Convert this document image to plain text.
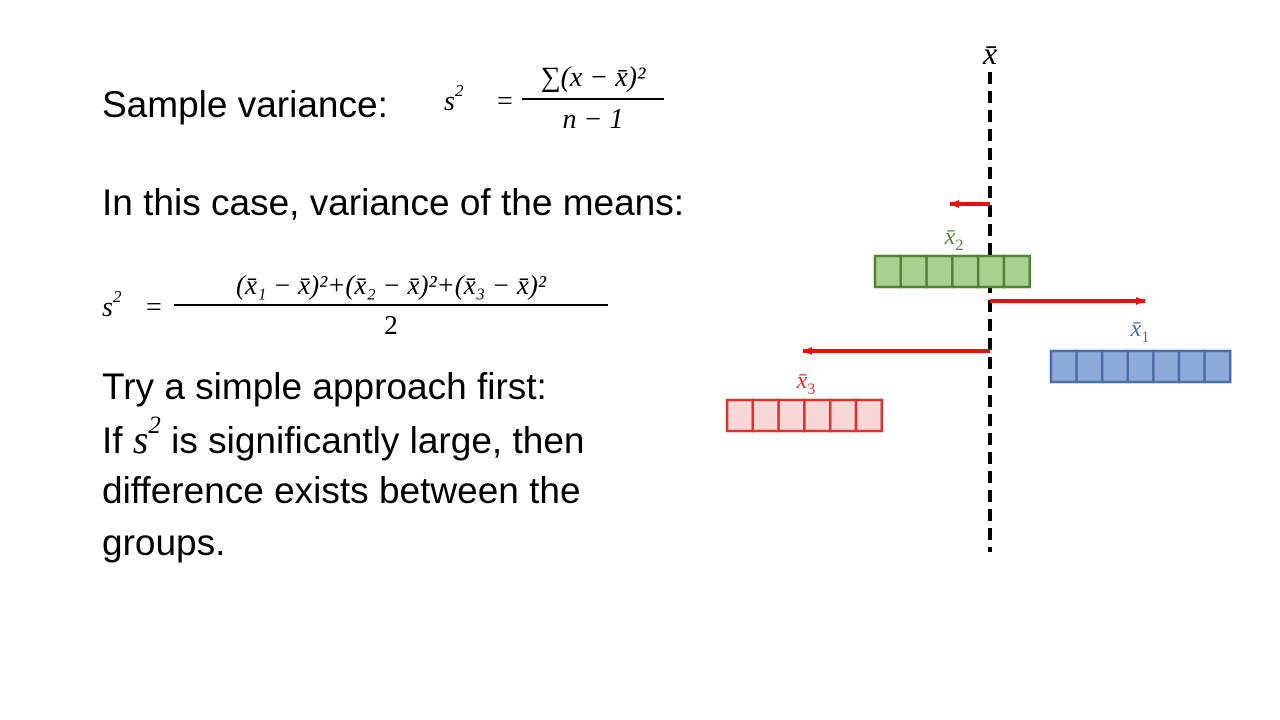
Sample variance: $s^2$ =
∑(x − x̄)²
n − 1
In this case, variance of the means:
$s^2$ =
(x̄₁ − x̄)²+(x̄₂ − x̄)²+(x̄₃ − x̄)²
2
Try a simple approach first:
If $s^2$ is significantly large, then
difference exists between the
groups.
x̄
$x̄_2$
$x̄_1$
$x̄_3$
